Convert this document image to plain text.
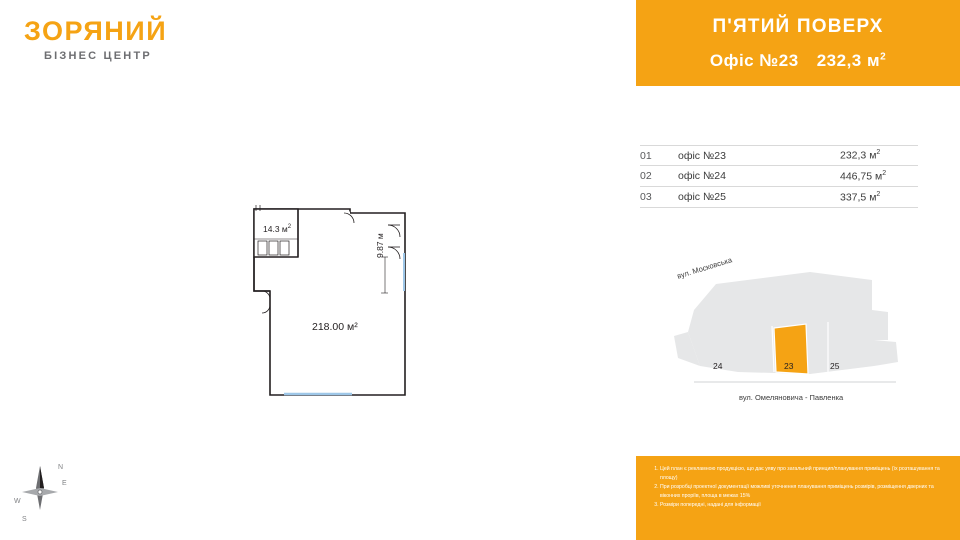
ЗОРЯНИЙ
БІЗНЕС ЦЕНТР
П'ЯТИЙ ПОВЕРХ
Офіс №23 232,3 $м^2$
01	офіс №23	232,3 $м^2$
02	офіс №24	446,75 $м^2$
03	офіс №25	337,5 $м^2$
218.00 м²
14.3 $м^2$
9.87 м
N
E
S
W
вул. Московська
вул. Омеляновича - Павленка
24	23	25
1. Цей план є рекламною продукцією, що дає уяву про загальний принцип/планування приміщень (їх розташування та площу)
2. При розробці проектної документації можливі уточнення планування приміщень розмірів, розміщення дверних та віконних проріїв, площа в межах 15%
3. Розміри попередні, надані для інформації
